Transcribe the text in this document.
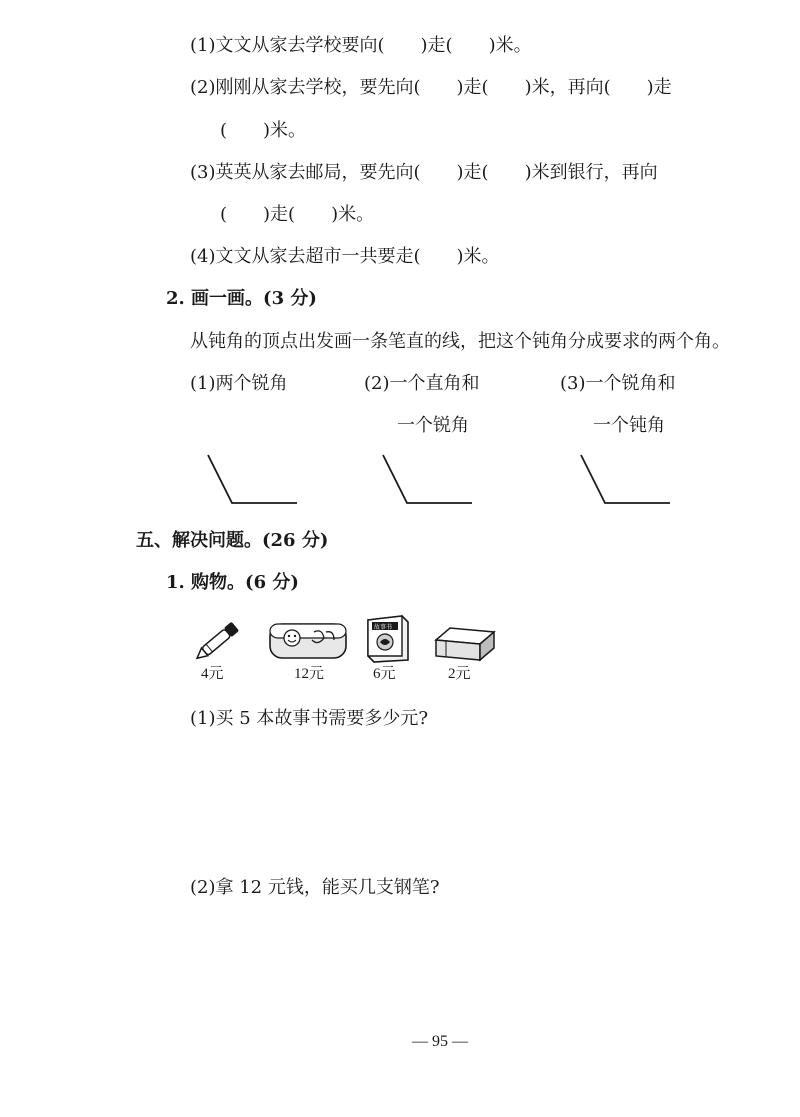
(1)文文从家去学校要向(　　)走(　　)米。
(2)刚刚从家去学校，要先向(　　)走(　　)米，再向(　　)走
(　　)米。
(3)英英从家去邮局，要先向(　　)走(　　)米到银行，再向
(　　)走(　　)米。
(4)文文从家去超市一共要走(　　)米。
2. 画一画。(3 分)
从钝角的顶点出发画一条笔直的线，把这个钝角分成要求的两个角。
(1)两个锐角	(2)一个直角和
一个锐角
(3)一个锐角和
一个钝角
五、解决问题。(26 分)
1. 购物。(6 分)
故事书
4元	12元	6元	2元
(1)买 5 本故事书需要多少元?
(2)拿 12 元钱，能买几支钢笔?
— 95 —
